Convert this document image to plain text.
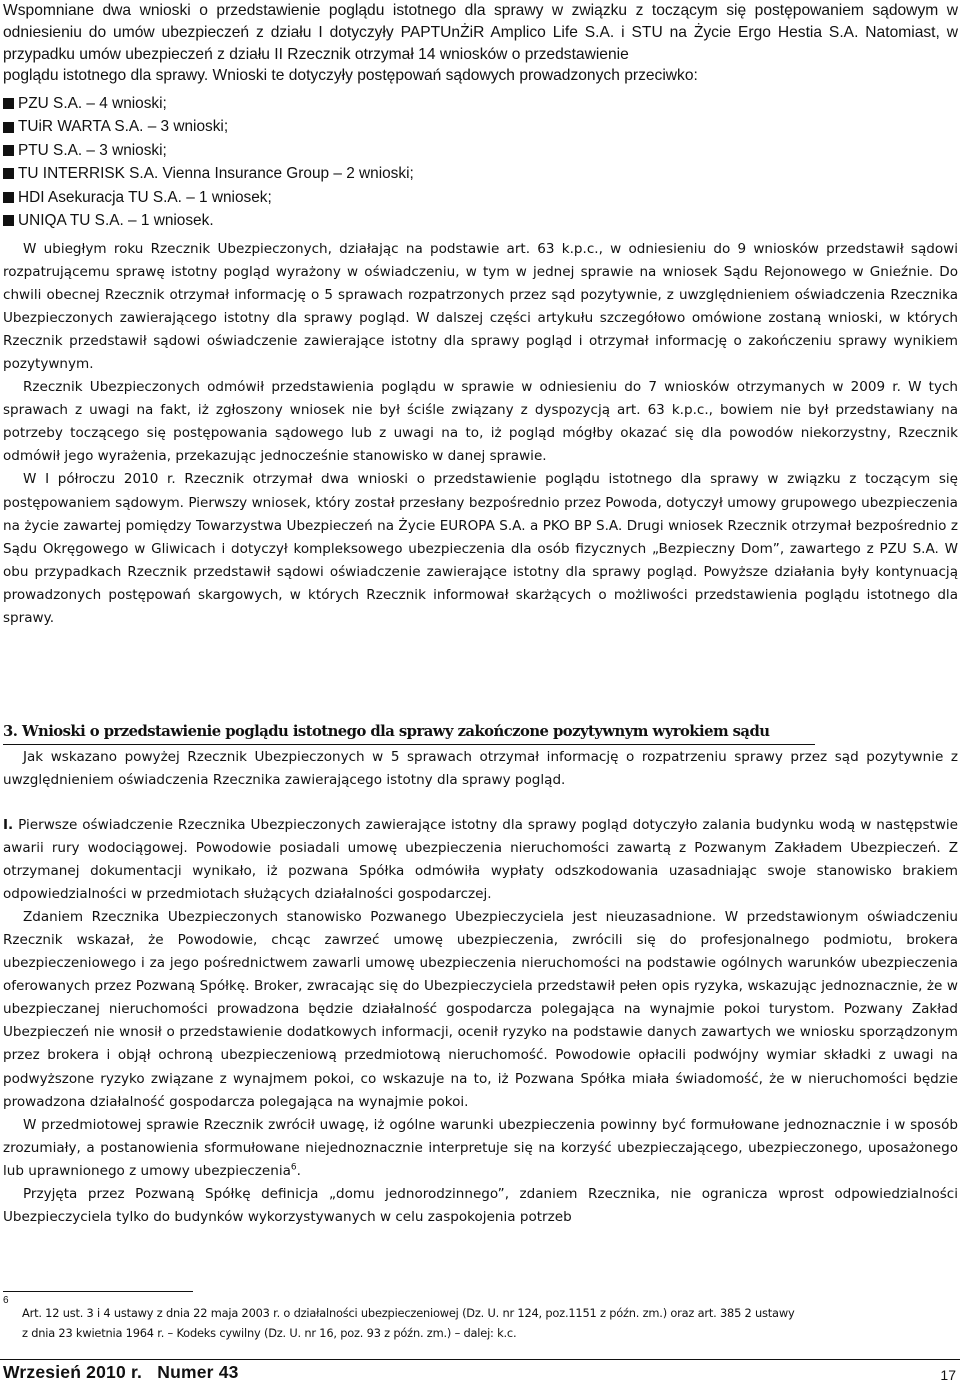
Wspomniane dwa wnioski o przedstawienie poglądu istotnego dla sprawy w związku z toczącym się postępowaniem sądowym w odniesieniu do umów ubezpieczeń z działu I dotyczyły PAPTUnŻiR Amplico Life S.A. i STU na Życie Ergo Hestia S.A. Natomiast, w przypadku umów ubezpieczeń z działu II Rzecznik otrzymał 14 wniosków o przedstawienie

poglądu istotnego dla sprawy. Wnioski te dotyczyły postępowań sądowych prowadzonych przeciwko:

PZU S.A. – 4 wnioski;
TUiR WARTA S.A. – 3 wnioski;
PTU S.A. – 3 wnioski;
TU INTERRISK S.A. Vienna Insurance Group – 2 wnioski;
HDI Asekuracja TU S.A. – 1 wniosek;
UNIQA TU S.A. – 1 wniosek.

W ubiegłym roku Rzecznik Ubezpieczonych, działając na podstawie art. 63 k.p.c., w odniesieniu do 9 wniosków przedstawił sądowi rozpatrującemu sprawę istotny pogląd wyrażony w oświadczeniu, w tym w jednej sprawie na wniosek Sądu Rejonowego w Gnieźnie. Do chwili obecnej Rzecznik otrzymał informację o 5 sprawach rozpatrzonych przez sąd pozytywnie, z uwzględnieniem oświadczenia Rzecznika Ubezpieczonych zawierającego istotny dla sprawy pogląd. W dalszej części artykułu szczegółowo omówione zostaną wnioski, w których Rzecznik przedstawił sądowi oświadczenie zawierające istotny dla sprawy pogląd i otrzymał informację o zakończeniu sprawy wynikiem pozytywnym.

Rzecznik Ubezpieczonych odmówił przedstawienia poglądu w sprawie w odniesieniu do 7 wniosków otrzymanych w 2009 r. W tych sprawach z uwagi na fakt, iż zgłoszony wniosek nie był ściśle związany z dyspozycją art. 63 k.p.c., bowiem nie był przedstawiany na potrzeby toczącego się postępowania sądowego lub z uwagi na to, iż pogląd mógłby okazać się dla powodów niekorzystny, Rzecznik odmówił jego wyrażenia, przekazując jednocześnie stanowisko w danej sprawie.

W I półroczu 2010 r. Rzecznik otrzymał dwa wnioski o przedstawienie poglądu istotnego dla sprawy w związku z toczącym się postępowaniem sądowym. Pierwszy wniosek, który został przesłany bezpośrednio przez Powoda, dotyczył umowy grupowego ubezpieczenia na życie zawartej pomiędzy Towarzystwa Ubezpieczeń na Życie EUROPA S.A. a PKO BP S.A. Drugi wniosek Rzecznik otrzymał bezpośrednio z Sądu Okręgowego w Gliwicach i dotyczył kompleksowego ubezpieczenia dla osób fizycznych „Bezpieczny Dom”, zawartego z PZU S.A. W obu przypadkach Rzecznik przedstawił sądowi oświadczenie zawierające istotny dla sprawy pogląd. Powyższe działania były kontynuacją prowadzonych postępowań skargowych, w których Rzecznik informował skarżących o możliwości przedstawienia poglądu istotnego dla sprawy.

3. Wnioski o przedstawienie poglądu istotnego dla sprawy zakończone pozytywnym wyrokiem sądu

Jak wskazano powyżej Rzecznik Ubezpieczonych w 5 sprawach otrzymał informację o rozpatrzeniu sprawy przez sąd pozytywnie z uwzględnieniem oświadczenia Rzecznika zawierającego istotny dla sprawy pogląd.

I. Pierwsze oświadczenie Rzecznika Ubezpieczonych zawierające istotny dla sprawy pogląd dotyczyło zalania budynku wodą w następstwie awarii rury wodociągowej. Powodowie posiadali umowę ubezpieczenia nieruchomości zawartą z Pozwanym Zakładem Ubezpieczeń. Z otrzymanej dokumentacji wynikało, iż pozwana Spółka odmówiła wypłaty odszkodowania uzasadniając swoje stanowisko brakiem odpowiedzialności w przedmiotach służących działalności gospodarczej.

Zdaniem Rzecznika Ubezpieczonych stanowisko Pozwanego Ubezpieczyciela jest nieuzasadnione. W przedstawionym oświadczeniu Rzecznik wskazał, że Powodowie, chcąc zawrzeć umowę ubezpieczenia, zwrócili się do profesjonalnego podmiotu, brokera ubezpieczeniowego i za jego pośrednictwem zawarli umowę ubezpieczenia nieruchomości na podstawie ogólnych warunków ubezpieczenia oferowanych przez Pozwaną Spółkę. Broker, zwracając się do Ubezpieczyciela przedstawił pełen opis ryzyka, wskazując jednoznacznie, że w ubezpieczanej nieruchomości prowadzona będzie działalność gospodarcza polegająca na wynajmie pokoi turystom. Pozwany Zakład Ubezpieczeń nie wnosił o przedstawienie dodatkowych informacji, ocenił ryzyko na podstawie danych zawartych we wniosku sporządzonym przez brokera i objął ochroną ubezpieczeniową przedmiotową nieruchomość. Powodowie opłacili podwójny wymiar składki z uwagi na podwyższone ryzyko związane z wynajmem pokoi, co wskazuje na to, iż Pozwana Spółka miała świadomość, że w nieruchomości będzie prowadzona działalność gospodarcza polegająca na wynajmie pokoi.

W przedmiotowej sprawie Rzecznik zwrócił uwagę, iż ogólne warunki ubezpieczenia powinny być formułowane jednoznacznie i w sposób zrozumiały, a postanowienia sformułowane niejednoznacznie interpretuje się na korzyść ubezpieczającego, ubezpieczonego, uposażonego lub uprawnionego z umowy ubezpieczenia$^6$.

Przyjęta przez Pozwaną Spółkę definicja „domu jednorodzinnego”, zdaniem Rzecznika, nie ogranicza wprost odpowiedzialności Ubezpieczyciela tylko do budynków wykorzystywanych w celu zaspokojenia potrzeb

6
Art. 12 ust. 3 i 4 ustawy z dnia 22 maja 2003 r. o działalności ubezpieczeniowej (Dz. U. nr 124, poz.1151 z późn. zm.) oraz art. 385 2 ustawy
z dnia 23 kwietnia 1964 r. – Kodeks cywilny (Dz. U. nr 16, poz. 93 z późn. zm.) – dalej: k.c.
Wrzesień 2010 r.   Numer 43	17
